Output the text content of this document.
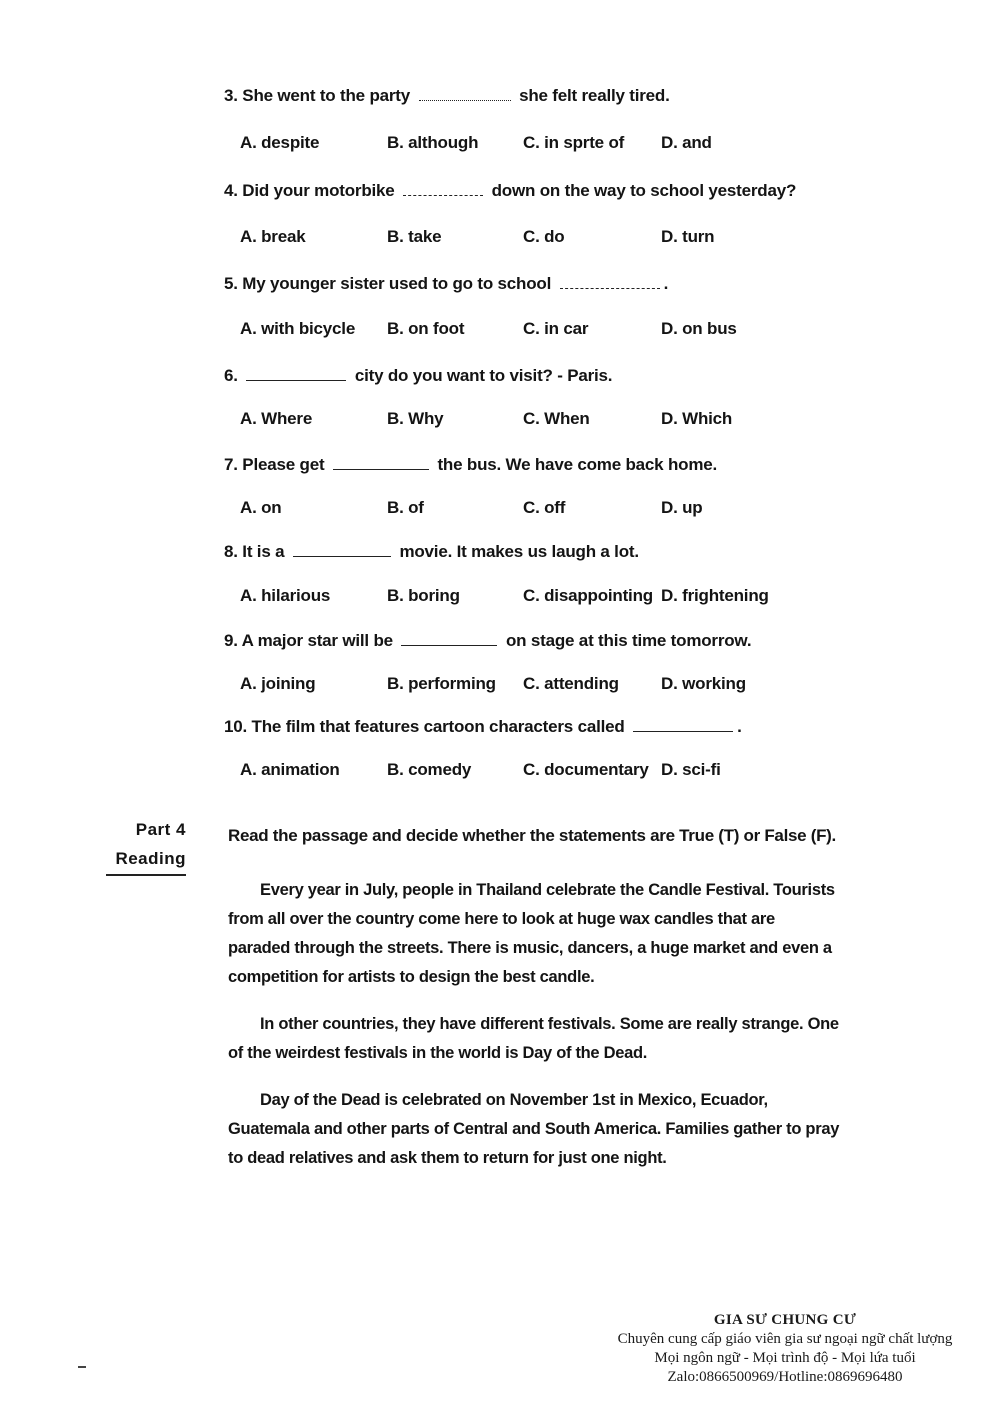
3. She went to the party	she felt really tired.
A. despite	B. although	C. in sprte of D. and
4. Did your motorbike	down on the way to school yesterday?
A. break	B. take	C. do	D. turn
5. My younger sister used to go to school	.
A. with bicycle B. on foot	C. in car	D. on bus
6.	city do you want to visit? - Paris.
A. Where	B. Why	C. When	D. Which
7. Please get	the bus. We have come back home.
A. on	B. of	C. off	D. up
8. It is a	movie. It makes us laugh a lot.
A. hilarious	B. boring	C. disappointing D. frightening
9. A major star will be	on stage at this time tomorrow.
A. joining	B. performing C. attending D. working
10. The film that features cartoon characters called	.
A. animation	B. comedy	C. documentary D. sci-fi
Part 4
Reading
Read the passage and decide whether the statements are True (T) or False (F).

Every year in July, people in Thailand celebrate the Candle Festival. Tourists from all over the country come here to look at huge wax candles that are paraded through the streets. There is music, dancers, a huge market and even a competition for artists to design the best candle.

In other countries, they have different festivals. Some are really strange. One of the weirdest festivals in the world is Day of the Dead.

Day of the Dead is celebrated on November 1st in Mexico, Ecuador, Guatemala and other parts of Central and South America. Families gather to pray to dead relatives and ask them to return for just one night.

GIA SƯ CHUNG CƯ
Chuyên cung cấp giáo viên gia sư ngoại ngữ chất lượng
Mọi ngôn ngữ - Mọi trình độ - Mọi lứa tuổi
Zalo:0866500969/Hotline:0869696480
